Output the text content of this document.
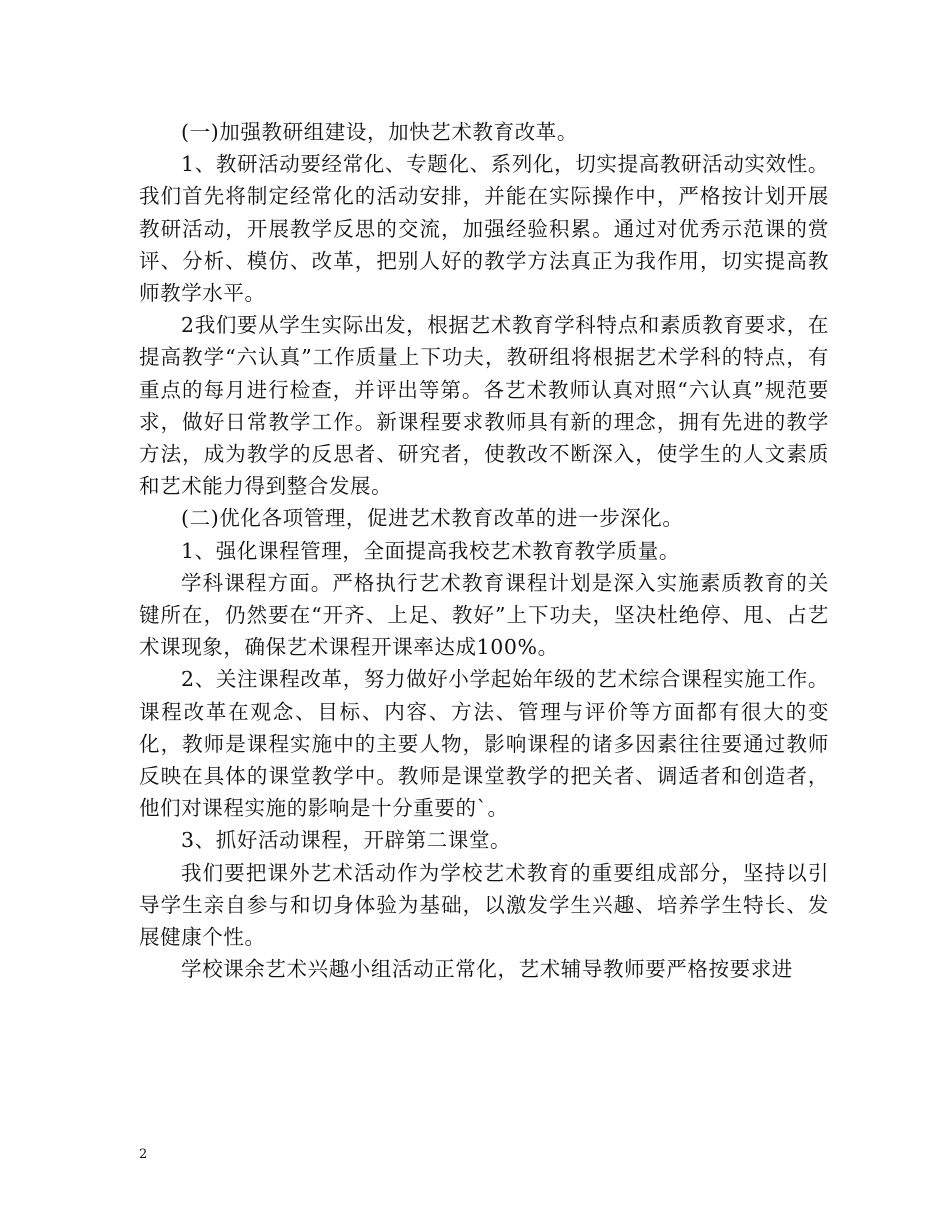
(一)加强教研组建设，加快艺术教育改革。

1、教研活动要经常化、专题化、系列化，切实提高教研活动实效性。我们首先将制定经常化的活动安排，并能在实际操作中，严格按计划开展教研活动，开展教学反思的交流，加强经验积累。通过对优秀示范课的赏评、分析、模仿、改革，把别人好的教学方法真正为我作用，切实提高教师教学水平。

2我们要从学生实际出发，根据艺术教育学科特点和素质教育要求，在提高教学“六认真”工作质量上下功夫，教研组将根据艺术学科的特点，有重点的每月进行检查，并评出等第。各艺术教师认真对照“六认真”规范要求，做好日常教学工作。新课程要求教师具有新的理念，拥有先进的教学方法，成为教学的反思者、研究者，使教改不断深入，使学生的人文素质和艺术能力得到整合发展。

(二)优化各项管理，促进艺术教育改革的进一步深化。

1、强化课程管理，全面提高我校艺术教育教学质量。

学科课程方面。严格执行艺术教育课程计划是深入实施素质教育的关键所在，仍然要在“开齐、上足、教好”上下功夫，坚决杜绝停、甩、占艺术课现象，确保艺术课程开课率达成100%。

2、关注课程改革，努力做好小学起始年级的艺术综合课程实施工作。课程改革在观念、目标、内容、方法、管理与评价等方面都有很大的变化，教师是课程实施中的主要人物，影响课程的诸多因素往往要通过教师反映在具体的课堂教学中。教师是课堂教学的把关者、调适者和创造者，他们对课程实施的影响是十分重要的`。

3、抓好活动课程，开辟第二课堂。

我们要把课外艺术活动作为学校艺术教育的重要组成部分，坚持以引导学生亲自参与和切身体验为基础，以激发学生兴趣、培养学生特长、发展健康个性。

学校课余艺术兴趣小组活动正常化，艺术辅导教师要严格按要求进

2
